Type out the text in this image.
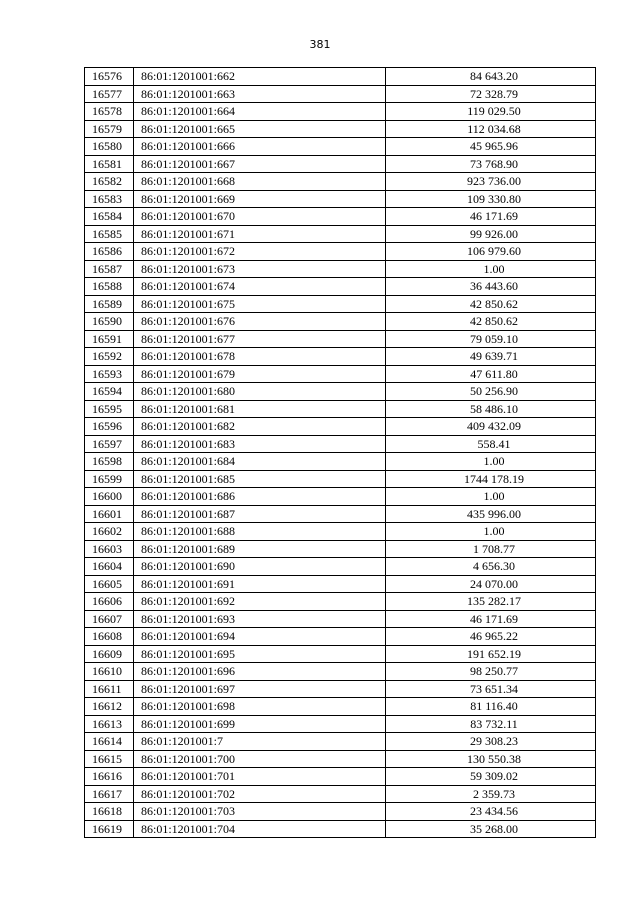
381
16576	86:01:1201001:662	84 643.20
16577	86:01:1201001:663	72 328.79
16578	86:01:1201001:664	119 029.50
16579	86:01:1201001:665	112 034.68
16580	86:01:1201001:666	45 965.96
16581	86:01:1201001:667	73 768.90
16582	86:01:1201001:668	923 736.00
16583	86:01:1201001:669	109 330.80
16584	86:01:1201001:670	46 171.69
16585	86:01:1201001:671	99 926.00
16586	86:01:1201001:672	106 979.60
16587	86:01:1201001:673	1.00
16588	86:01:1201001:674	36 443.60
16589	86:01:1201001:675	42 850.62
16590	86:01:1201001:676	42 850.62
16591	86:01:1201001:677	79 059.10
16592	86:01:1201001:678	49 639.71
16593	86:01:1201001:679	47 611.80
16594	86:01:1201001:680	50 256.90
16595	86:01:1201001:681	58 486.10
16596	86:01:1201001:682	409 432.09
16597	86:01:1201001:683	558.41
16598	86:01:1201001:684	1.00
16599	86:01:1201001:685	1744 178.19
16600	86:01:1201001:686	1.00
16601	86:01:1201001:687	435 996.00
16602	86:01:1201001:688	1.00
16603	86:01:1201001:689	1 708.77
16604	86:01:1201001:690	4 656.30
16605	86:01:1201001:691	24 070.00
16606	86:01:1201001:692	135 282.17
16607	86:01:1201001:693	46 171.69
16608	86:01:1201001:694	46 965.22
16609	86:01:1201001:695	191 652.19
16610	86:01:1201001:696	98 250.77
16611	86:01:1201001:697	73 651.34
16612	86:01:1201001:698	81 116.40
16613	86:01:1201001:699	83 732.11
16614	86:01:1201001:7	29 308.23
16615	86:01:1201001:700	130 550.38
16616	86:01:1201001:701	59 309.02
16617	86:01:1201001:702	2 359.73
16618	86:01:1201001:703	23 434.56
16619	86:01:1201001:704	35 268.00
